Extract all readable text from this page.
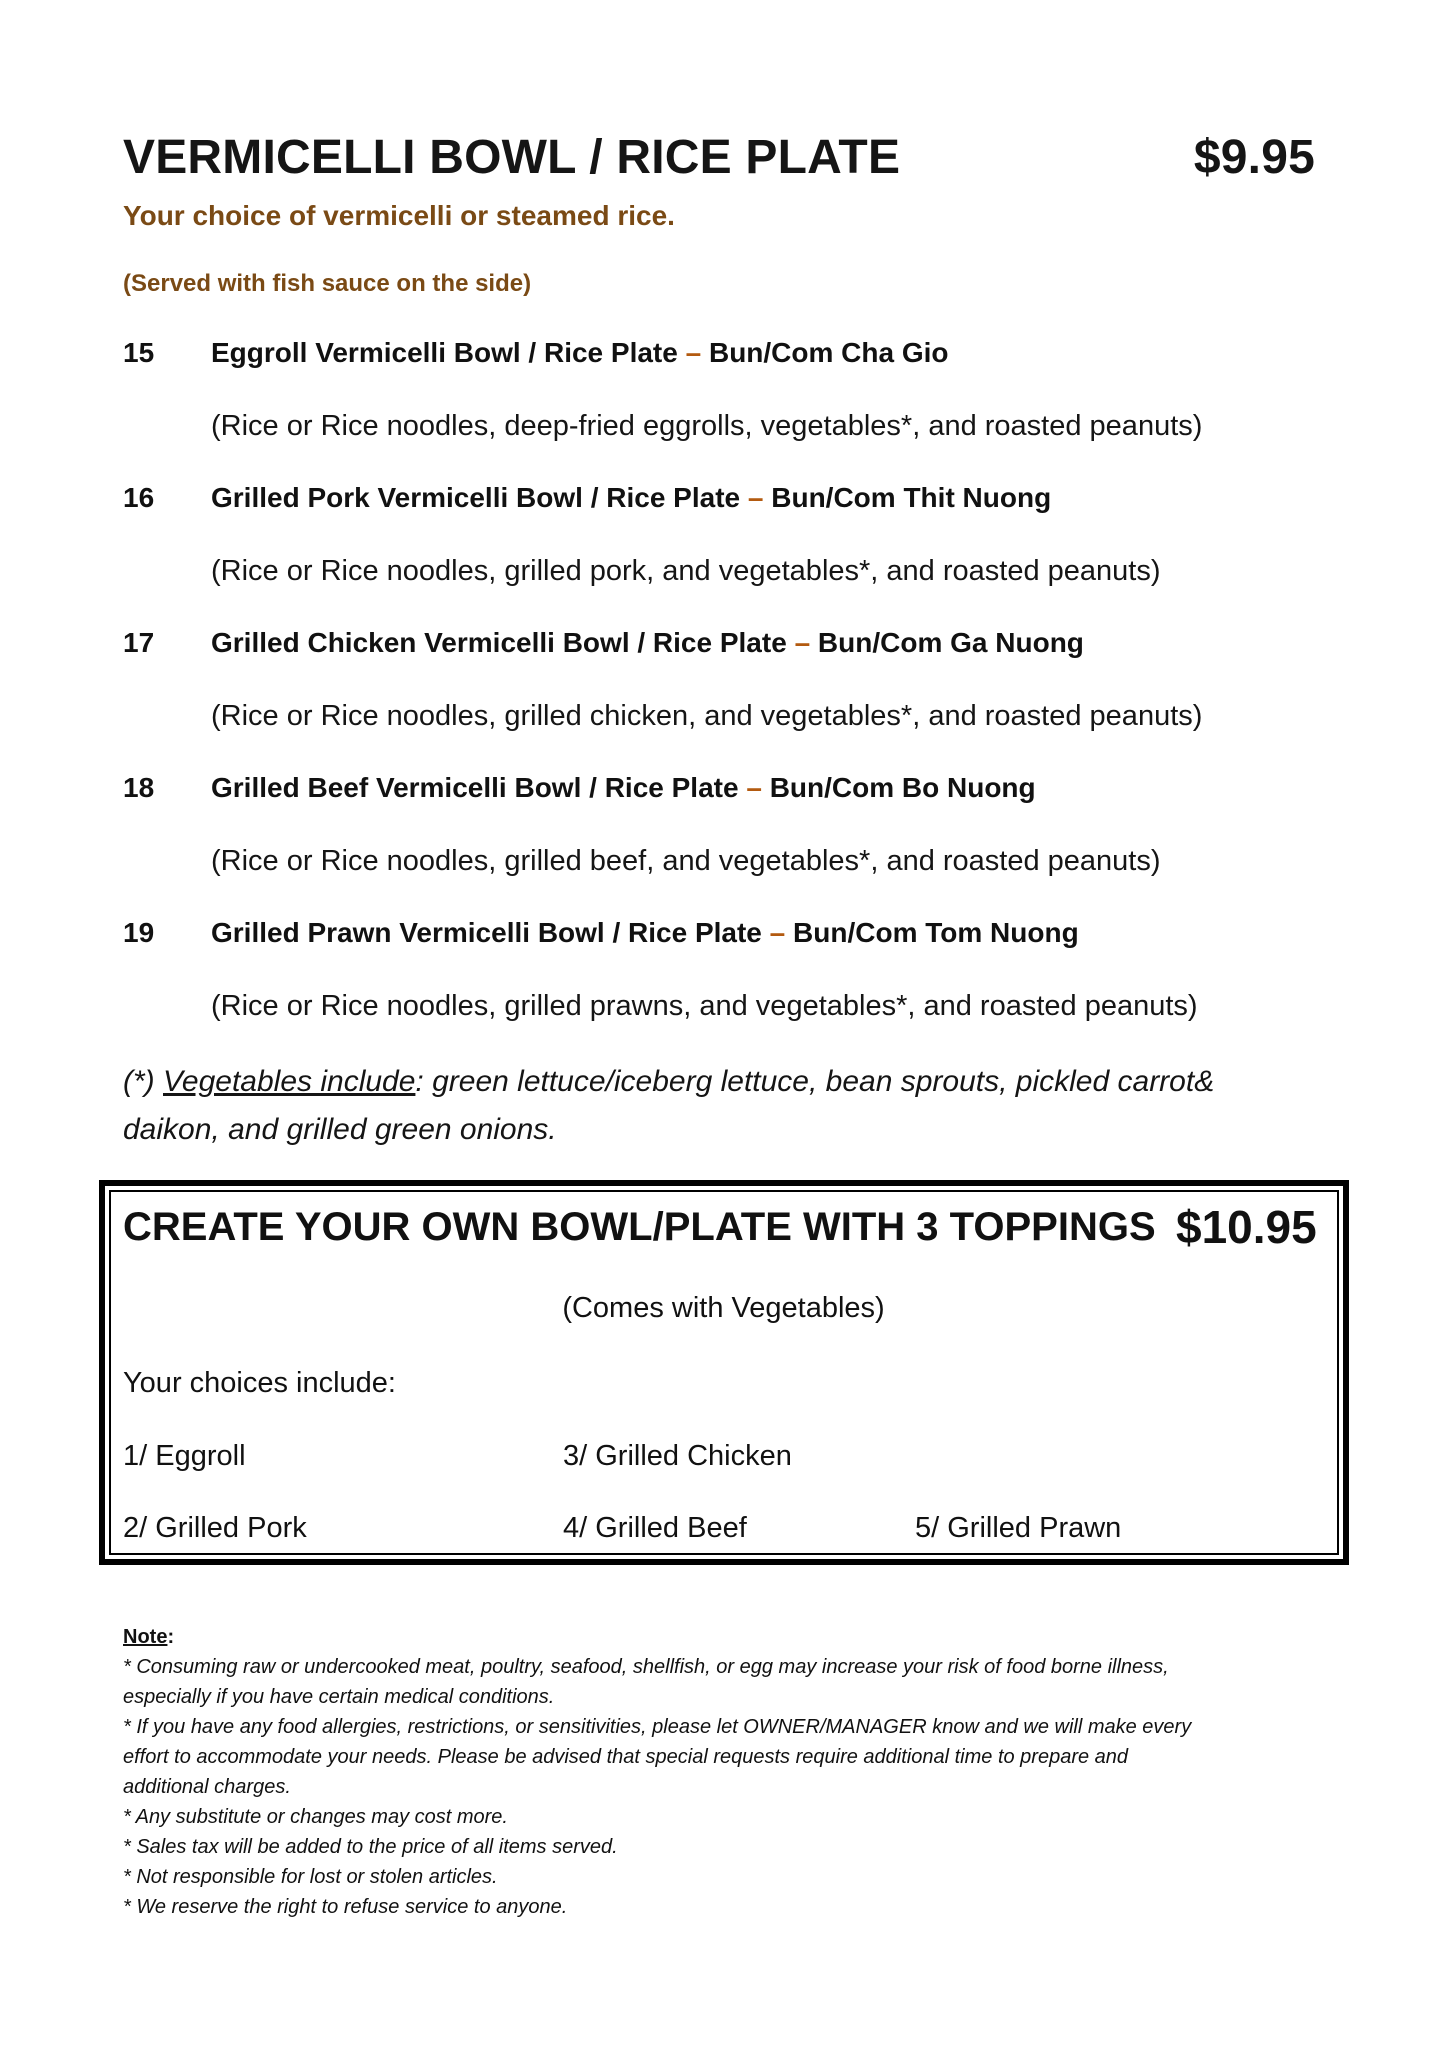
VERMICELLI BOWL / RICE PLATE	$9.95
Your choice of vermicelli or steamed rice.
(Served with fish sauce on the side)
15 Eggroll Vermicelli Bowl / Rice Plate – Bun/Com Cha Gio
(Rice or Rice noodles, deep-fried eggrolls, vegetables*, and roasted peanuts)
16 Grilled Pork Vermicelli Bowl / Rice Plate – Bun/Com Thit Nuong
(Rice or Rice noodles, grilled pork, and vegetables*, and roasted peanuts)
17 Grilled Chicken Vermicelli Bowl / Rice Plate – Bun/Com Ga Nuong
(Rice or Rice noodles, grilled chicken, and vegetables*, and roasted peanuts)
18 Grilled Beef Vermicelli Bowl / Rice Plate – Bun/Com Bo Nuong
(Rice or Rice noodles, grilled beef, and vegetables*, and roasted peanuts)
19 Grilled Prawn Vermicelli Bowl / Rice Plate – Bun/Com Tom Nuong
(Rice or Rice noodles, grilled prawns, and vegetables*, and roasted peanuts)
(*) Vegetables include: green lettuce/iceberg lettuce, bean sprouts, pickled carrot& daikon, and grilled green onions.
CREATE YOUR OWN BOWL/PLATE WITH 3 TOPPINGS $10.95
(Comes with Vegetables)
Your choices include:
1/ Eggroll	3/ Grilled Chicken
2/ Grilled Pork	4/ Grilled Beef	5/ Grilled Prawn
Note:
* Consuming raw or undercooked meat, poultry, seafood, shellfish, or egg may increase your risk of food borne illness,
especially if you have certain medical conditions.
* If you have any food allergies, restrictions, or sensitivities, please let OWNER/MANAGER know and we will make every
effort to accommodate your needs. Please be advised that special requests require additional time to prepare and
additional charges.
* Any substitute or changes may cost more.
* Sales tax will be added to the price of all items served.
* Not responsible for lost or stolen articles.
* We reserve the right to refuse service to anyone.
